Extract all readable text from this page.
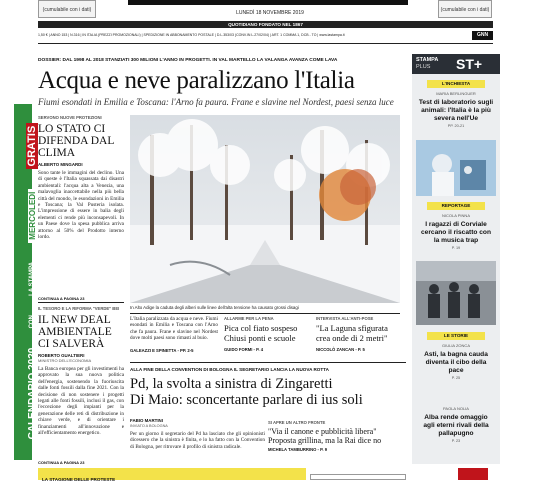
(cumulabile con i dati)	(cumulabile con i dati)
LUNEDÌ 18 NOVEMBRE 2019
QUOTIDIANO FONDATO NEL 1867
1,50 € | ANNO 153 | N.316 | IN ITALIA (PREZZI PROMOZIONALI) | SPEDIZIONE IN ABBONAMENTO POSTALE | D.L.353/03 (CONV.IN L.27/02/04) | ART. 1 COMMA 1, DCB - TO | www.lastampa.it	GNN
CALENDARIO 2020
CON
LA STAMPA
MERCOLEDÌ
GRATIS
DOSSIER: DAL 1998 AL 2018 STANZIATI 300 MILIONI L'ANNO IN PROGETTI. IN VAL MARTELLO LA VALANGA AVANZA COME LAVA
Acqua e neve paralizzano l'Italia
Fiumi esondati in Emilia e Toscana: l'Arno fa paura. Frane e slavine nel Nordest, paesi senza luce
In Alto Adige la caduta degli alberi sulle linee dell'alta tensione ha causato grossi disagi
L'Italia paralizzata da acqua e neve. Fiumi esondati in Emilia e Toscana con l'Arno che fa paura. Frane e slavine nel Nordest dove molti paesi sono rimasti al buio.
GALEAZZI E SPINETTA - PP. 2-5
ALLARME PER LA PENA
Pica col fiato sospeso Chiusi ponti e scuole
GUIDO FORMI - P. 4
INTERVISTA ALL'ANTI-POSE
"La Laguna sfigurata crea onde di 2 metri"
NICCOLÒ ZANCAN - P. 5
SERVONO NUOVE PROTEZIONI
LO STATO CI DIFENDA DAL CLIMA
ALBERTO MINGARDI
Sono tante le immagini del declino. Una di queste è l'Italia squassata dai disastri ambientali: l'acqua alta a Venezia, una malavoglia inaccettabile nella più bella città del mondo, le esondazioni in Emilia e Toscana; la Val Pusteria isolata. L'impressione di essere in balìa degli elementi ci rende più inconsapevoli. In un Paese dove la spesa pubblica arriva attorno al 50% del Prodotto interno lordo.
CONTINUA A PAGINA 23
IL TESORO E LA RIFORMA "VERDE" BEI
IL NEW DEAL AMBIENTALE CI SALVERÀ
ROBERTO GUALTIERI
MINISTRO DELL'ECONOMIA
La Banca europea per gli investimenti ha approvato la sua nuova politica dell'energia, sostenendo la fuoriuscita dalle fonti fossili dalla fine 2021. Con la decisione di non sostenere i progetti legati alle fonti fossili, inclusi il gas, con l'eccezione degli impianti per la generazione delle reti di distribuzione in chiave verde, e di orientare i finanziamenti all'innovazione e all'efficientamento energetico.
CONTINUA A PAGINA 23
ALLA FINE DELLA CONVENTION DI BOLOGNA IL SEGRETARIO LANCIA LA NUOVA ROTTA
Pd, la svolta a sinistra di Zingaretti
Di Maio: sconcertante parlare di ius soli
FABIO MARTINI
INVIATO A BOLOGNA
Per un giorno il segretario del Pd ha lasciato che gli opinionisti dicessero che la sinistra è finita, e lo ha fatto con la Convention di Bologna, per ritrovare il profilo di sinistra radicale.
SI APRE UN ALTRO FRONTE
"Via il canone e pubblicità libera" Proposta grillina, ma la Rai dice no
MICHELA TAMBURRINO - P. 9
LA STAGIONE DELLE PROTESTE
STAMPA
PLUS ST+
L'INCHIESTA
MARIA BERLINGUER
Test di laboratorio sugli animali: l'Italia è la più severa nell'Ue
PP. 20-21
REPORTAGE
NICOLA PINNA
I ragazzi di Corviale cercano il riscatto con la musica trap
P. 19
LE STORIE
GIULIA ZONCA
Asti, la bagna cauda diventa il cibo della pace
P. 25
PAOLA NOLIA
Alba rende omaggio agli eterni rivali della pallapugno
P. 23
